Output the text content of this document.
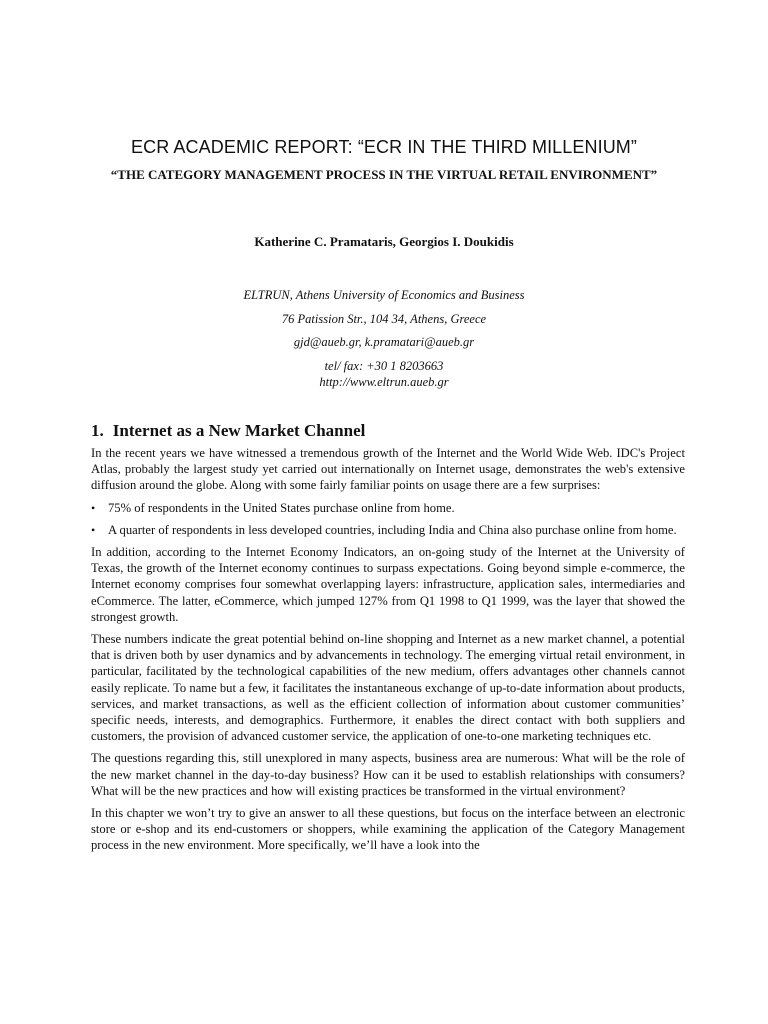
ECR ACADEMIC REPORT: “ECR IN THE THIRD MILLENIUM”
“THE CATEGORY MANAGEMENT PROCESS IN THE VIRTUAL RETAIL ENVIRONMENT”
Katherine C. Pramataris, Georgios I. Doukidis
ELTRUN, Athens University of Economics and Business
76 Patission Str., 104 34, Athens, Greece
gjd@aueb.gr, k.pramatari@aueb.gr
tel/ fax: +30 1 8203663
http://www.eltrun.aueb.gr
1. Internet as a New Market Channel

In the recent years we have witnessed a tremendous growth of the Internet and the World Wide Web. IDC's Project Atlas, probably the largest study yet carried out internationally on Internet usage, demonstrates the web's extensive diffusion around the globe. Along with some fairly familiar points on usage there are a few surprises:

• 75% of respondents in the United States purchase online from home.
• A quarter of respondents in less developed countries, including India and China also purchase online from home.

In addition, according to the Internet Economy Indicators, an on-going study of the Internet at the University of Texas, the growth of the Internet economy continues to surpass expectations. Going beyond simple e-commerce, the Internet economy comprises four somewhat overlapping layers: infrastructure, application sales, intermediaries and eCommerce. The latter, eCommerce, which jumped 127% from Q1 1998 to Q1 1999, was the layer that showed the strongest growth.

These numbers indicate the great potential behind on-line shopping and Internet as a new market channel, a potential that is driven both by user dynamics and by advancements in technology. The emerging virtual retail environment, in particular, facilitated by the technological capabilities of the new medium, offers advantages other channels cannot easily replicate. To name but a few, it facilitates the instantaneous exchange of up-to-date information about products, services, and market transactions, as well as the efficient collection of information about customer communities’ specific needs, interests, and demographics. Furthermore, it enables the direct contact with both suppliers and customers, the provision of advanced customer service, the application of one-to-one marketing techniques etc.

The questions regarding this, still unexplored in many aspects, business area are numerous: What will be the role of the new market channel in the day-to-day business? How can it be used to establish relationships with consumers? What will be the new practices and how will existing practices be transformed in the virtual environment?

In this chapter we won’t try to give an answer to all these questions, but focus on the interface between an electronic store or e-shop and its end-customers or shoppers, while examining the application of the Category Management process in the new environment. More specifically, we’ll have a look into the
